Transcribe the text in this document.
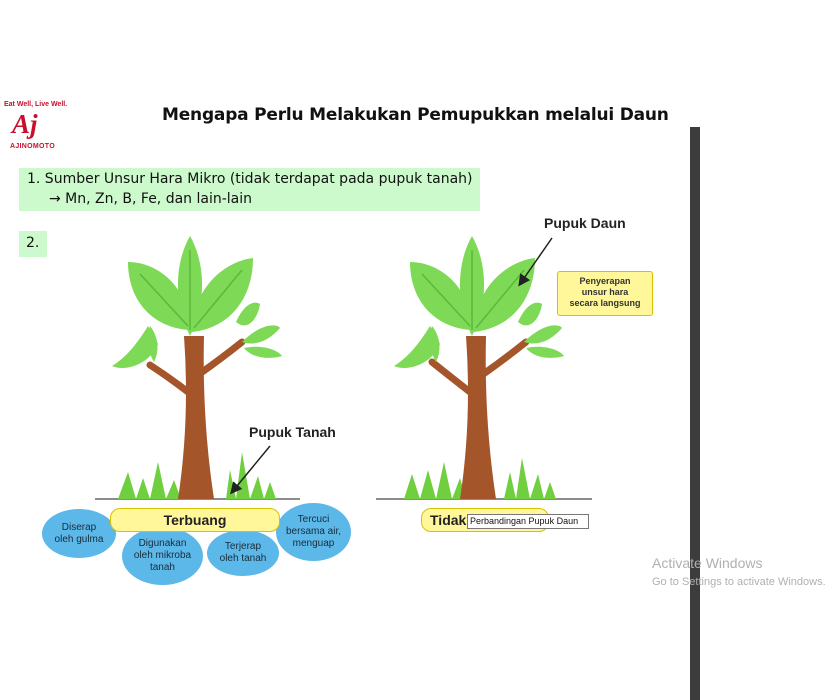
Eat Well, Live Well.
Aj
AJINOMOTO
Mengapa Perlu Melakukan Pemupukkan melalui Daun
1. Sumber Unsur Hara Mikro (tidak terdapat pada pupuk tanah)
→ Mn, Zn, B, Fe, dan lain-lain
2.
Pupuk Tanah
Pupuk Daun
Penyerapan
unsur hara
secara langsung
Diserap
oleh gulma	Digunakan
oleh mikroba
tanah
Terjerap
oleh tanah
Tercuci
bersama air,
menguap
Terbuang	Tidak Perbandingan Pupuk Daun
Activate Windows
Go to Settings to activate Windows.
